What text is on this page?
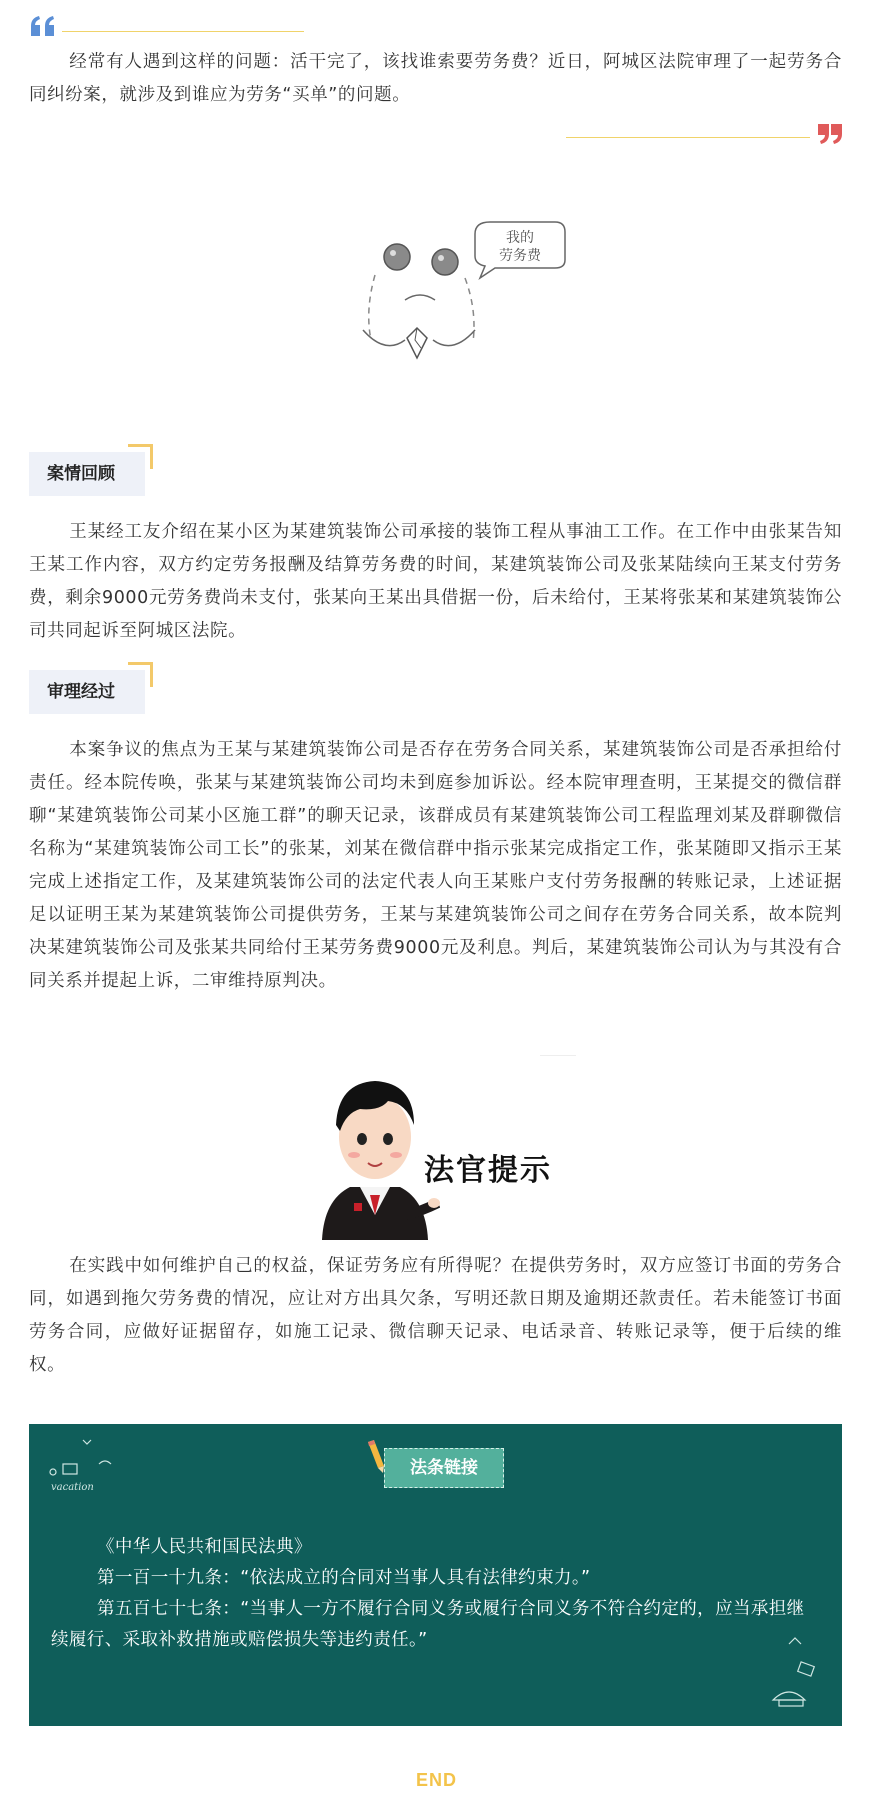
经常有人遇到这样的问题：活干完了，该找谁索要劳务费？近日，阿城区法院审理了一起劳务合同纠纷案，就涉及到谁应为劳务“买单”的问题。

我的
劳务费
案情回顾

王某经工友介绍在某小区为某建筑装饰公司承接的装饰工程从事油工工作。在工作中由张某告知王某工作内容，双方约定劳务报酬及结算劳务费的时间，某建筑装饰公司及张某陆续向王某支付劳务费，剩余9000元劳务费尚未支付，张某向王某出具借据一份，后未给付，王某将张某和某建筑装饰公司共同起诉至阿城区法院。

审理经过

本案争议的焦点为王某与某建筑装饰公司是否存在劳务合同关系，某建筑装饰公司是否承担给付责任。经本院传唤，张某与某建筑装饰公司均未到庭参加诉讼。经本院审理查明，王某提交的微信群聊“某建筑装饰公司某小区施工群”的聊天记录，该群成员有某建筑装饰公司工程监理刘某及群聊微信名称为“某建筑装饰公司工长”的张某，刘某在微信群中指示张某完成指定工作，张某随即又指示王某完成上述指定工作，及某建筑装饰公司的法定代表人向王某账户支付劳务报酬的转账记录，上述证据足以证明王某为某建筑装饰公司提供劳务，王某与某建筑装饰公司之间存在劳务合同关系，故本院判决某建筑装饰公司及张某共同给付王某劳务费9000元及利息。判后，某建筑装饰公司认为与其没有合同关系并提起上诉，二审维持原判决。

法官提示

在实践中如何维护自己的权益，保证劳务应有所得呢？在提供劳务时，双方应签订书面的劳务合同，如遇到拖欠劳务费的情况，应让对方出具欠条，写明还款日期及逾期还款责任。若未能签订书面劳务合同，应做好证据留存，如施工记录、微信聊天记录、电话录音、转账记录等，便于后续的维权。

vacation
法条链接

《中华人民共和国民法典》

第一百一十九条：“依法成立的合同对当事人具有法律约束力。”

第五百七十七条：“当事人一方不履行合同义务或履行合同义务不符合约定的，应当承担继续履行、采取补救措施或赔偿损失等违约责任。”

END
